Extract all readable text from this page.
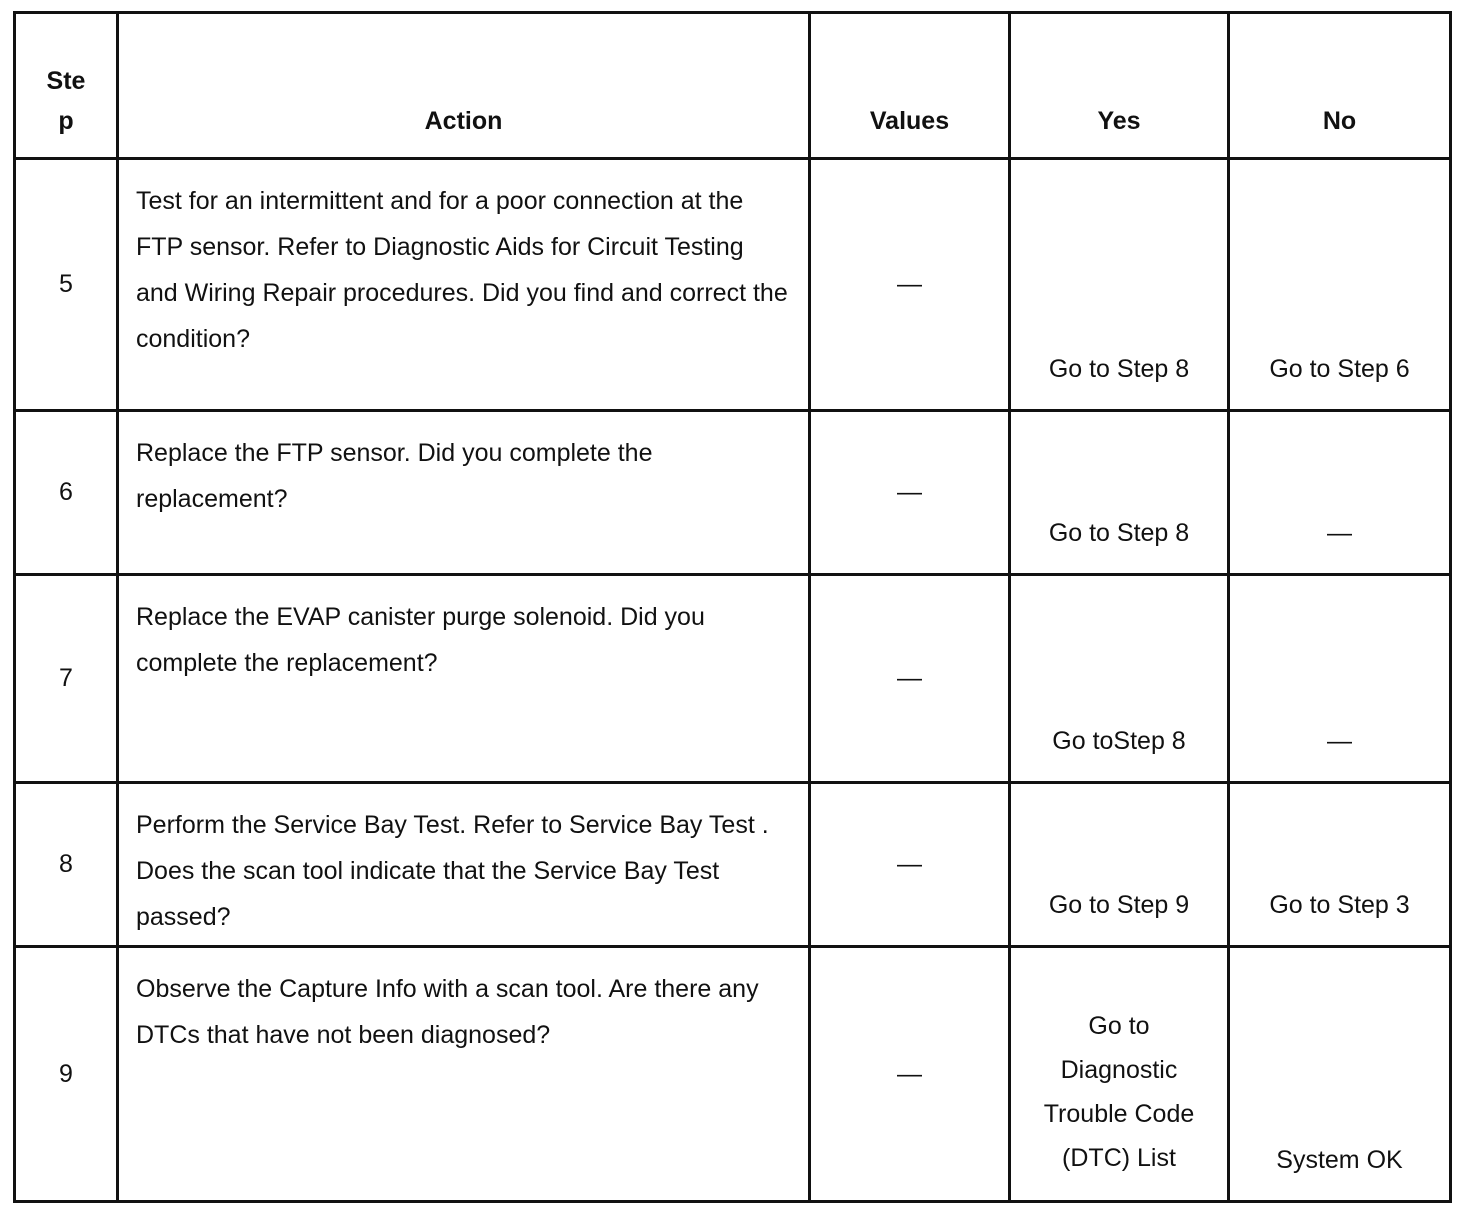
Step	Action	Values	Yes	No

5	Test for an intermittent and for a poor connection at the FTP sensor. Refer to Diagnostic Aids for Circuit Testing and Wiring Repair procedures. Did you find and correct the condition?	—	Go to Step 8	Go to Step 6

6	Replace the FTP sensor. Did you complete the replacement?	—	Go to Step 8	—

7	Replace the EVAP canister purge solenoid. Did you complete the replacement?	—	Go toStep 8	—

8	Perform the Service Bay Test. Refer to Service Bay Test . Does the scan tool indicate that the Service Bay Test passed?	—	Go to Step 9	Go to Step 3

9	Observe the Capture Info with a scan tool. Are there any DTCs that have not been diagnosed?	—	Go to Diagnostic Trouble Code (DTC) List	System OK
